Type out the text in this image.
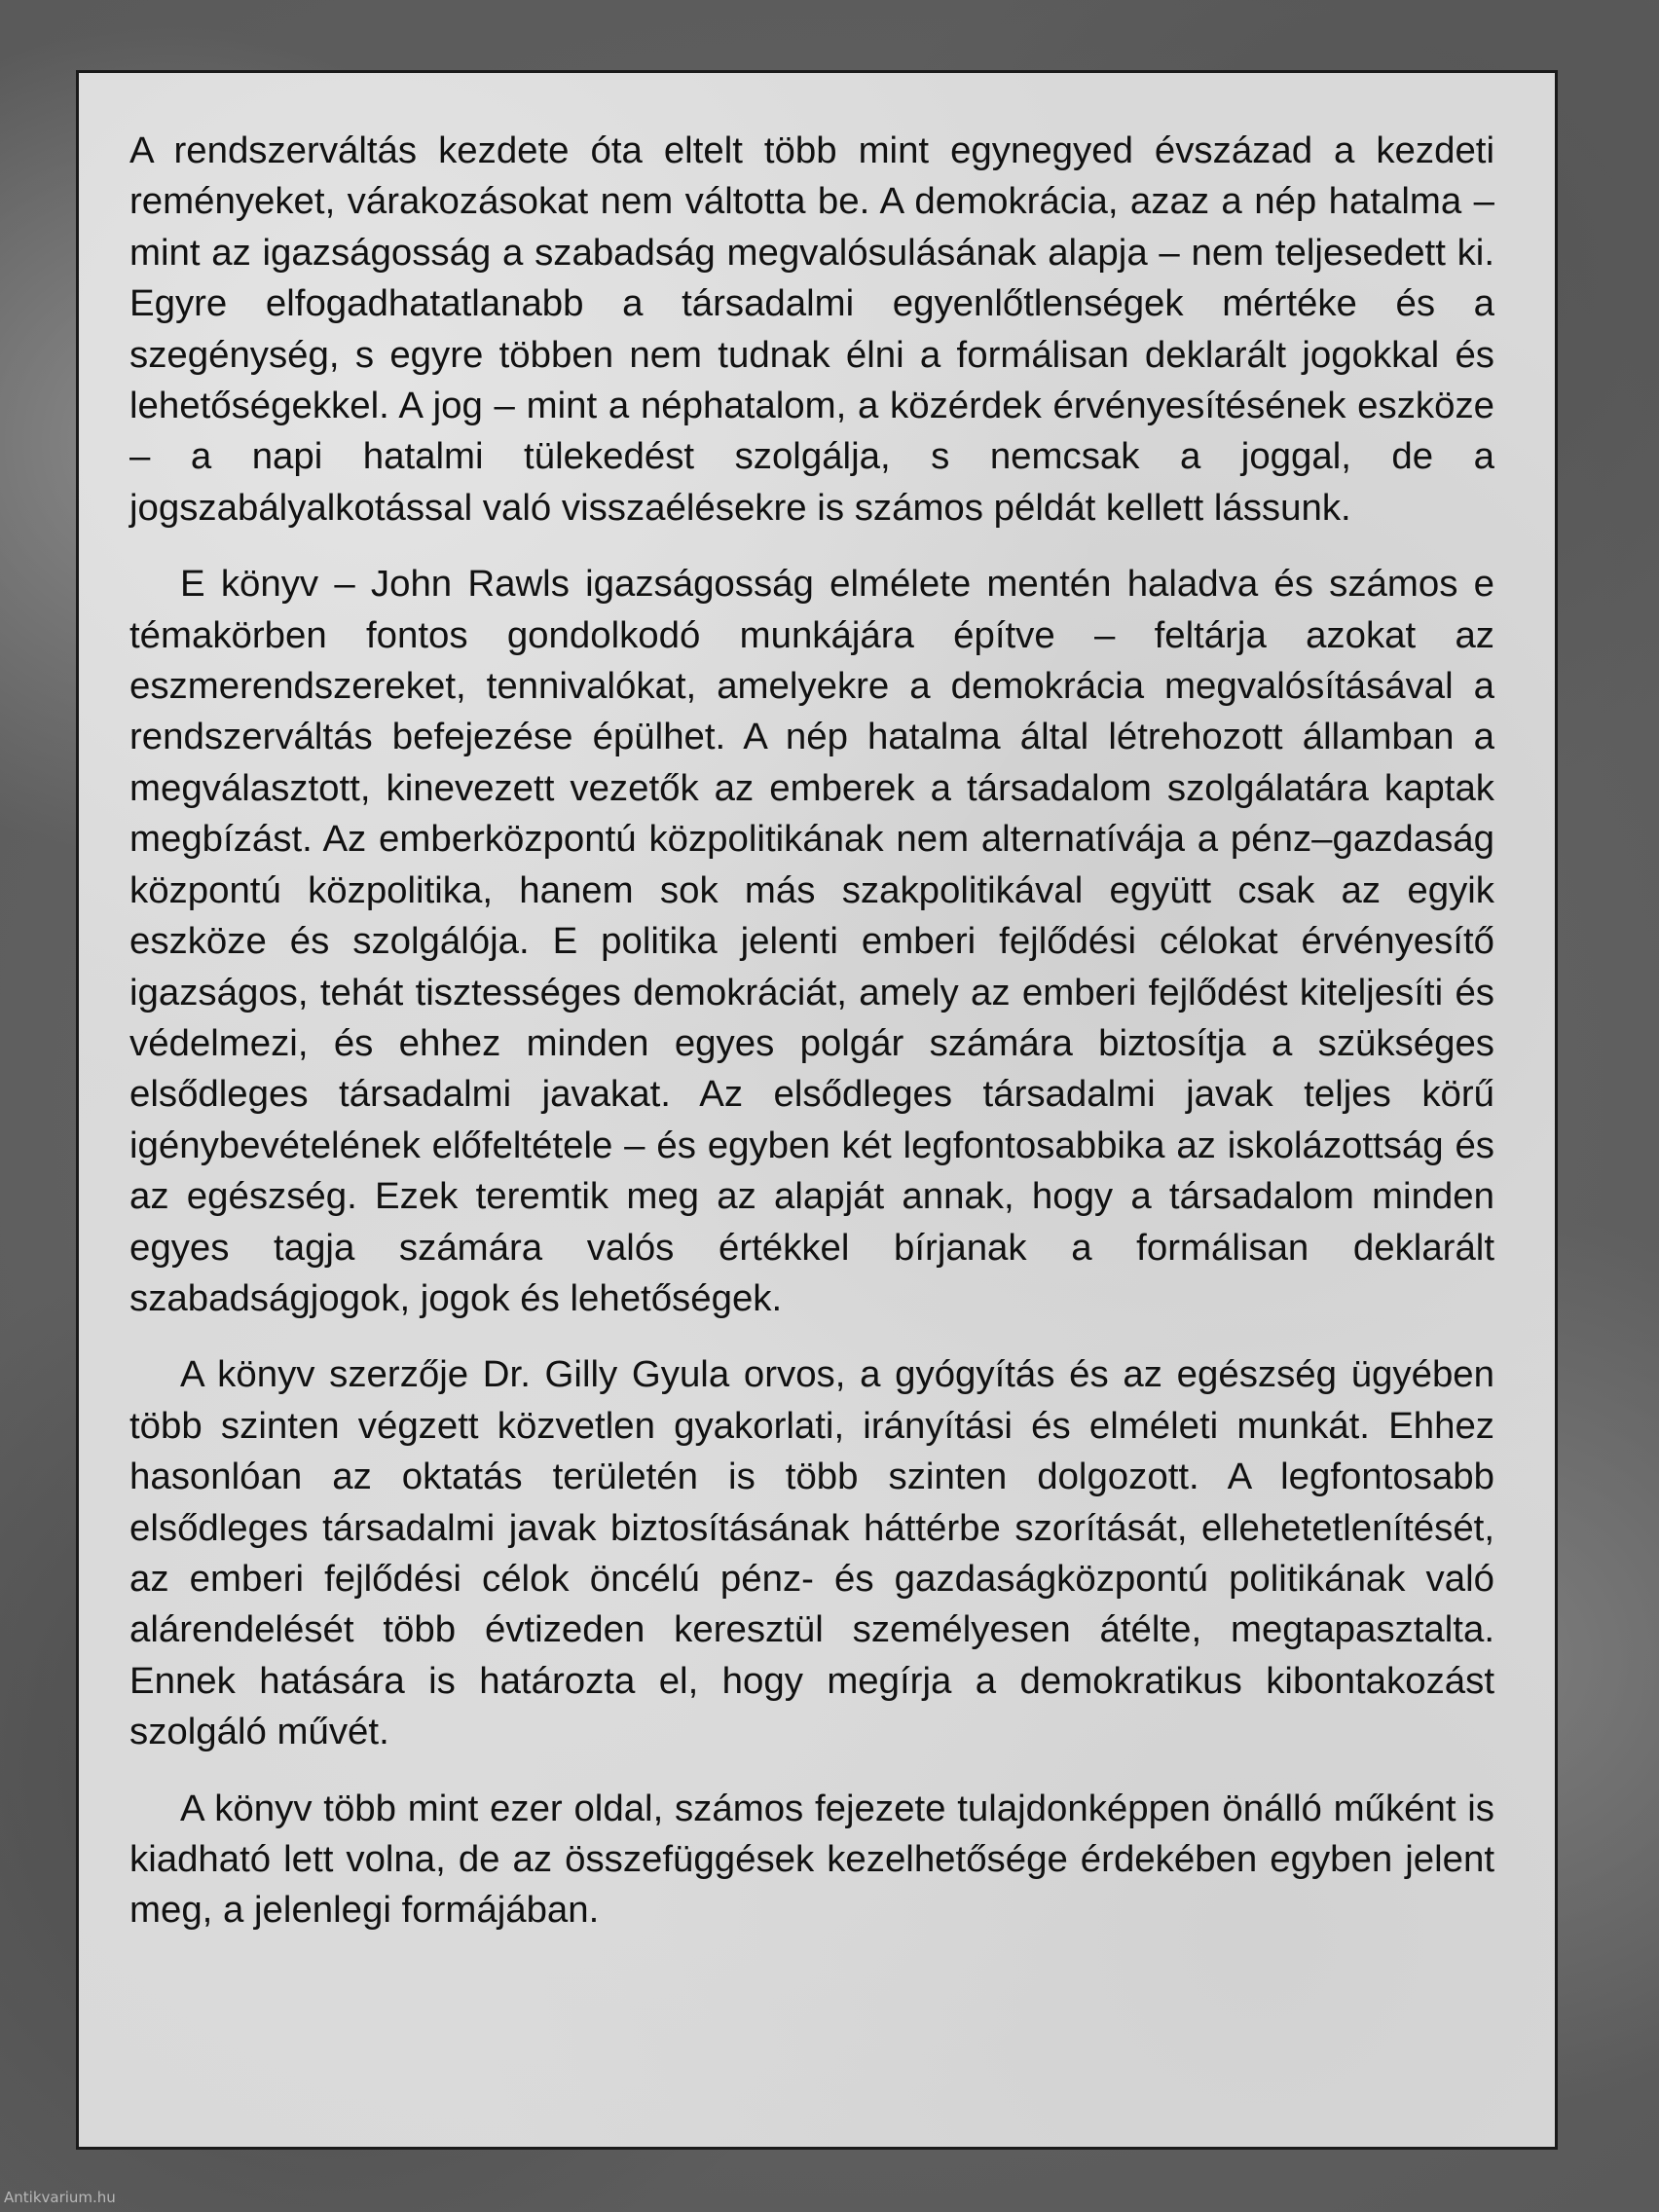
A rendszerváltás kezdete óta eltelt több mint egynegyed évszázad a kezdeti reményeket, várakozásokat nem váltotta be. A demokrácia, azaz a nép hatalma – mint az igazságosság a szabadság megvalósulásának alapja – nem teljesedett ki. Egyre elfogadhatatlanabb a társadalmi egyenlőtlenségek mértéke és a szegénység, s egyre többen nem tudnak élni a formálisan deklarált jogokkal és lehetőségekkel. A jog – mint a néphatalom, a közérdek érvényesítésének eszköze – a napi hatalmi tülekedést szolgálja, s nemcsak a joggal, de a jogszabályalkotással való visszaélésekre is számos példát kellett lássunk.

E könyv – John Rawls igazságosság elmélete mentén haladva és számos e témakörben fontos gondolkodó munkájára építve – feltárja azokat az eszmerendszereket, tennivalókat, amelyekre a demokrácia megvalósításával a rendszerváltás befejezése épülhet. A nép hatalma által létrehozott államban a megválasztott, kinevezett vezetők az emberek a társadalom szolgálatára kaptak megbízást. Az emberközpontú közpolitikának nem alternatívája a pénz–gazdaság központú közpolitika, hanem sok más szakpolitikával együtt csak az egyik eszköze és szolgálója. E politika jelenti emberi fejlődési célokat érvényesítő igazságos, tehát tisztességes demokráciát, amely az emberi fejlődést kiteljesíti és védelmezi, és ehhez minden egyes polgár számára biztosítja a szükséges elsődleges társadalmi javakat. Az elsődleges társadalmi javak teljes körű igénybevételének előfeltétele – és egyben két legfontosabbika az iskolázottság és az egészség. Ezek teremtik meg az alapját annak, hogy a társadalom minden egyes tagja számára valós értékkel bírjanak a formálisan deklarált szabadságjogok, jogok és lehetőségek.

A könyv szerzője Dr. Gilly Gyula orvos, a gyógyítás és az egészség ügyében több szinten végzett közvetlen gyakorlati, irányítási és elméleti munkát. Ehhez hasonlóan az oktatás területén is több szinten dolgozott. A legfontosabb elsődleges társadalmi javak biztosításának háttérbe szorítását, ellehetetlenítését, az emberi fejlődési célok öncélú pénz- és gazdaságközpontú politikának való alárendelését több évtizeden keresztül személyesen átélte, megtapasztalta. Ennek hatására is határozta el, hogy megírja a demokratikus kibontakozást szolgáló művét.

A könyv több mint ezer oldal, számos fejezete tulajdonképpen önálló műként is kiadható lett volna, de az összefüggések kezelhetősége érdekében egyben jelent meg, a jelenlegi formájában.

Antikvarium.hu
